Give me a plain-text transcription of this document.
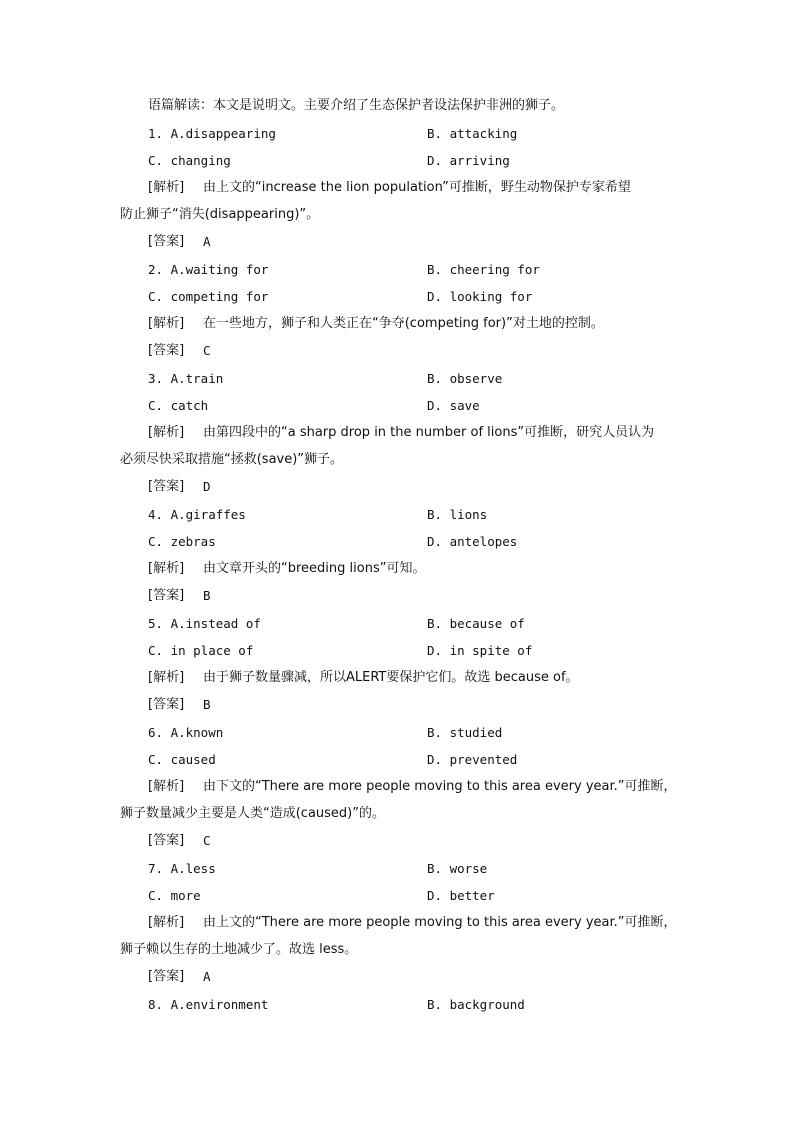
语篇解读：本文是说明文。主要介绍了生态保护者设法保护非洲的狮子。
1. A.disappearing	B. attacking
C. changing	D. arriving
[解析] 由上文的“increase the lion population”可推断，野生动物保护专家希望
防止狮子“消失(disappearing)”。
[答案] A
2. A.waiting for	B. cheering for
C. competing for	D. looking for
[解析] 在一些地方，狮子和人类正在“争夺(competing for)”对土地的控制。
[答案] C
3. A.train	B. observe
C. catch	D. save
[解析] 由第四段中的“a sharp drop in the number of lions”可推断，研究人员认为
必须尽快采取措施“拯救(save)”狮子。
[答案] D
4. A.giraffes	B. lions
C. zebras	D. antelopes
[解析] 由文章开头的“breeding lions”可知。
[答案] B
5. A.instead of	B. because of
C. in place of	D. in spite of
[解析] 由于狮子数量骤减，所以ALERT要保护它们。故选 because of。
[答案] B
6. A.known	B. studied
C. caused	D. prevented
[解析] 由下文的“There are more people moving to this area every year.”可推断，
狮子数量减少主要是人类“造成(caused)”的。
[答案] C
7. A.less	B. worse
C. more	D. better
[解析] 由上文的“There are more people moving to this area every year.”可推断，
狮子赖以生存的土地减少了。故选 less。
[答案] A
8. A.environment	B. background
